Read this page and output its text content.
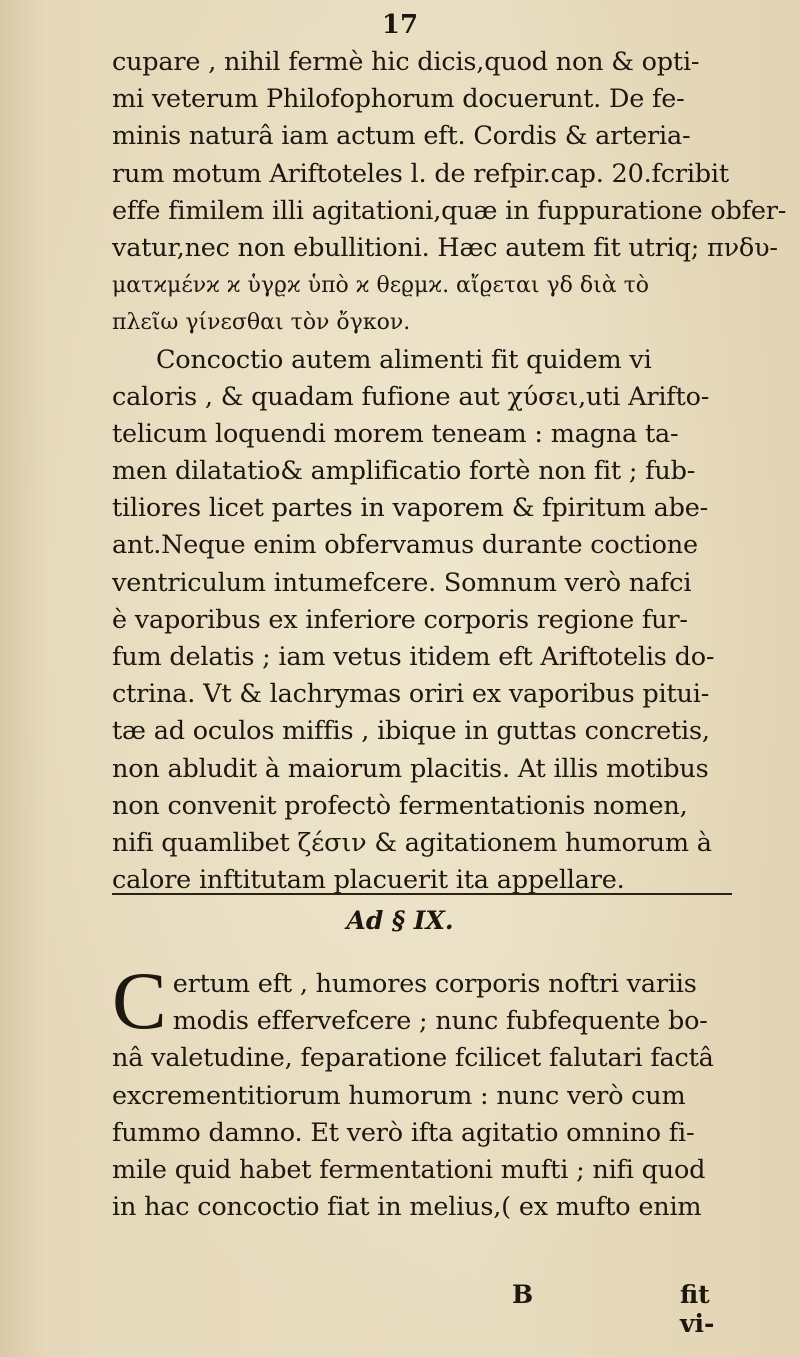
17
cupare , nihil fermè hic dicis,quod non & opti-
mi veterum Philofophorum docuerunt. De fe-
minis naturâ iam actum eft. Cordis & arteria-
rum motum Ariftoteles l. de refpir.cap. 20.fcribit
effe fimilem illi agitationi,quæ in fuppuratione obfer-
vatur,nec non ebullitioni. Hæc autem fit utriq; πνδυ-
ματϰμένϰ ϰ ὑγϱϰ ὑπὸ ϰ θεϱμϰ. αἴϱεται γδ διὰ τὸ
πλεῖω γίνεσθαι τὸν ὄγκον.
Concoctio autem alimenti fit quidem vi
caloris , & quadam fufione aut χύσει,uti Arifto-
telicum loquendi morem teneam : magna ta-
men dilatatio& amplificatio fortè non fit ; fub-
tiliores licet partes in vaporem & fpiritum abe-
ant.Neque enim obfervamus durante coctione
ventriculum intumefcere. Somnum verò nafci
è vaporibus ex inferiore corporis regione fur-
fum delatis ; iam vetus itidem eft Ariftotelis do-
ctrina. Vt & lachrymas oriri ex vaporibus pitui-
tæ ad oculos miffis , ibique in guttas concretis,
non abludit à maiorum placitis. At illis motibus
non convenit profectò fermentationis nomen,
nifi quamlibet ζέσιν & agitationem humorum à
calore inftitutam placuerit ita appellare.
Ad § IX.
C ertum eft , humores corporis noftri variis
modis effervefcere ; nunc fubfequente bo-
nâ valetudine, feparatione fcilicet falutari factâ
excrementitiorum humorum : nunc verò cum
fummo damno. Et verò ifta agitatio omnino fi-
mile quid habet fermentationi mufti ; nifi quod
in hac concoctio fiat in melius,( ex mufto enim
B	fit vi-
